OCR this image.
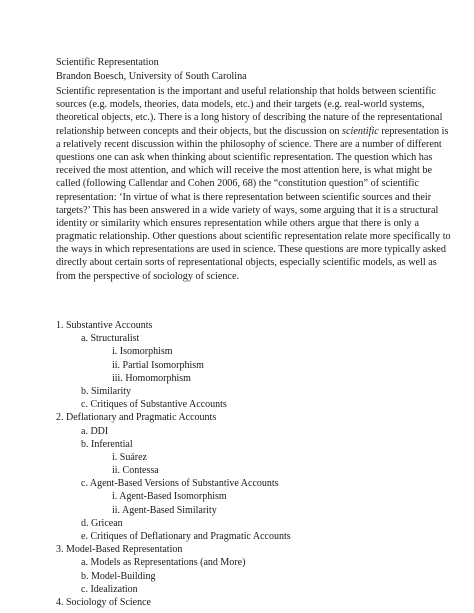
Scientific Representation
Brandon Boesch, University of South Carolina
Scientific representation is the important and useful relationship that holds between scientific
sources (e.g. models, theories, data models, etc.) and their targets (e.g. real-world systems,
theoretical objects, etc.). There is a long history of describing the nature of the representational
relationship between concepts and their objects, but the discussion on scientific representation is
a relatively recent discussion within the philosophy of science. There are a number of different
questions one can ask when thinking about scientific representation. The question which has
received the most attention, and which will receive the most attention here, is what might be
called (following Callendar and Cohen 2006, 68) the “constitution question” of scientific
representation: ‘In virtue of what is there representation between scientific sources and their
targets?’ This has been answered in a wide variety of ways, some arguing that it is a structural
identity or similarity which ensures representation while others argue that there is only a
pragmatic relationship. Other questions about scientific representation relate more specifically to
the ways in which representations are used in science. These questions are more typically asked
directly about certain sorts of representational objects, especially scientific models, as well as
from the perspective of sociology of science.
1. Substantive Accounts
a. Structuralist
i. Isomorphism
ii. Partial Isomorphism
iii. Homomorphism
b. Similarity
c. Critiques of Substantive Accounts
2. Deflationary and Pragmatic Accounts
a. DDI
b. Inferential
i. Suárez
ii. Contessa
c. Agent-Based Versions of Substantive Accounts
i. Agent-Based Isomorphism
ii. Agent-Based Similarity
d. Gricean
e. Critiques of Deflationary and Pragmatic Accounts
3. Model-Based Representation
a. Models as Representations (and More)
b. Model-Building
c. Idealization
4. Sociology of Science
